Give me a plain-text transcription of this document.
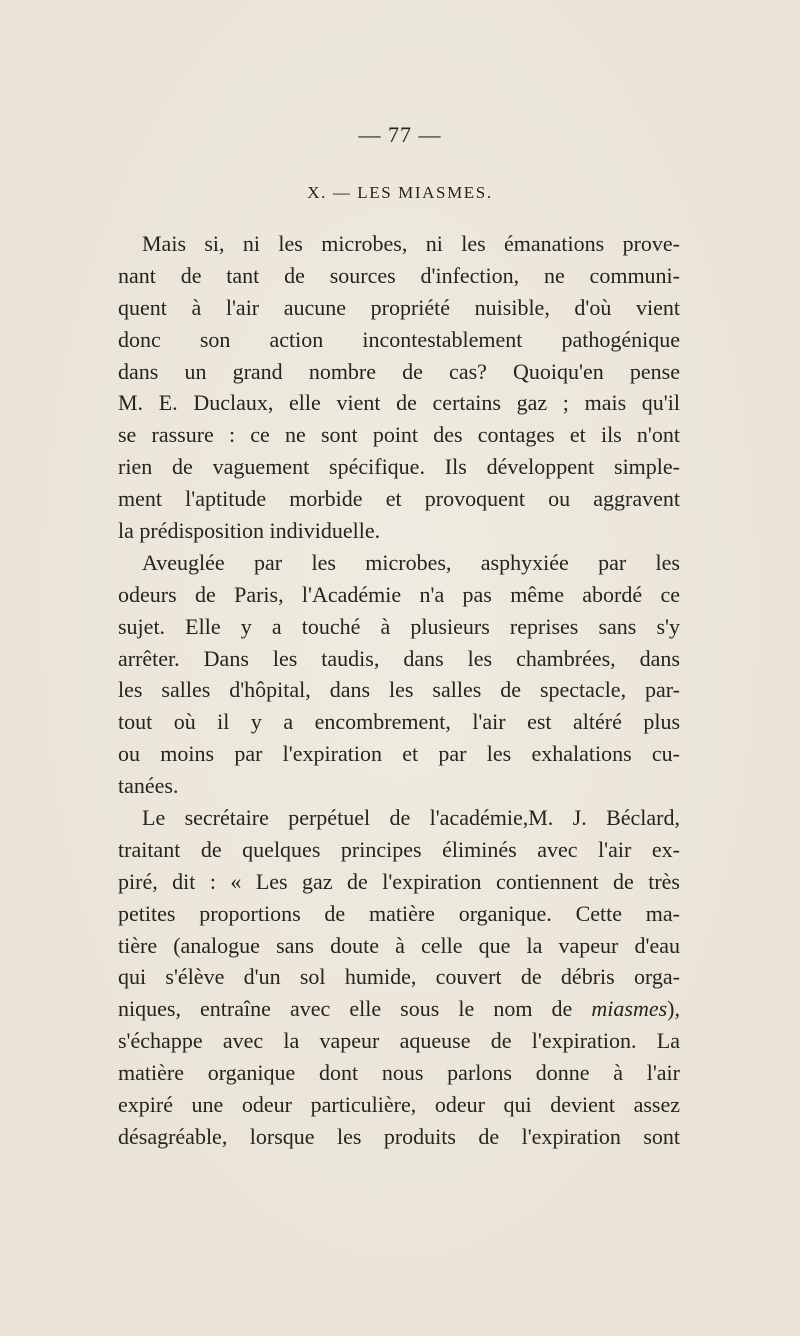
— 77 —
X. — LES MIASMES.
Mais si, ni les microbes, ni les émanations prove-
nant de tant de sources d'infection, ne communi-
quent à l'air aucune propriété nuisible, d'où vient
donc son action incontestablement pathogénique
dans un grand nombre de cas? Quoiqu'en pense
M. E. Duclaux, elle vient de certains gaz ; mais qu'il
se rassure : ce ne sont point des contages et ils n'ont
rien de vaguement spécifique. Ils développent simple-
ment l'aptitude morbide et provoquent ou aggravent
la prédisposition individuelle.
Aveuglée par les microbes, asphyxiée par les
odeurs de Paris, l'Académie n'a pas même abordé ce
sujet. Elle y a touché à plusieurs reprises sans s'y
arrêter. Dans les taudis, dans les chambrées, dans
les salles d'hôpital, dans les salles de spectacle, par-
tout où il y a encombrement, l'air est altéré plus
ou moins par l'expiration et par les exhalations cu-
tanées.
Le secrétaire perpétuel de l'académie,M. J. Béclard,
traitant de quelques principes éliminés avec l'air ex-
piré, dit : « Les gaz de l'expiration contiennent de très
petites proportions de matière organique. Cette ma-
tière (analogue sans doute à celle que la vapeur d'eau
qui s'élève d'un sol humide, couvert de débris orga-
niques, entraîne avec elle sous le nom de miasmes),
s'échappe avec la vapeur aqueuse de l'expiration. La
matière organique dont nous parlons donne à l'air
expiré une odeur particulière, odeur qui devient assez
désagréable, lorsque les produits de l'expiration sont
